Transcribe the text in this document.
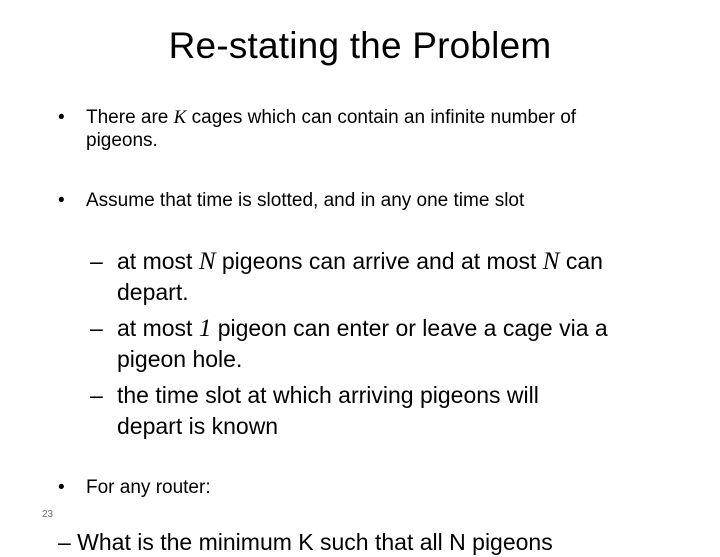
Re-stating the Problem
•	There are K cages which can contain an infinite number of
pigeons.
•	Assume that time is slotted, and in any one time slot
– at most N pigeons can arrive and at most N can
depart.
– at most 1 pigeon can enter or leave a cage via a
pigeon hole.
– the time slot at which arriving pigeons will
depart is known
•	For any router:
23
– What is the minimum K such that all N pigeons
